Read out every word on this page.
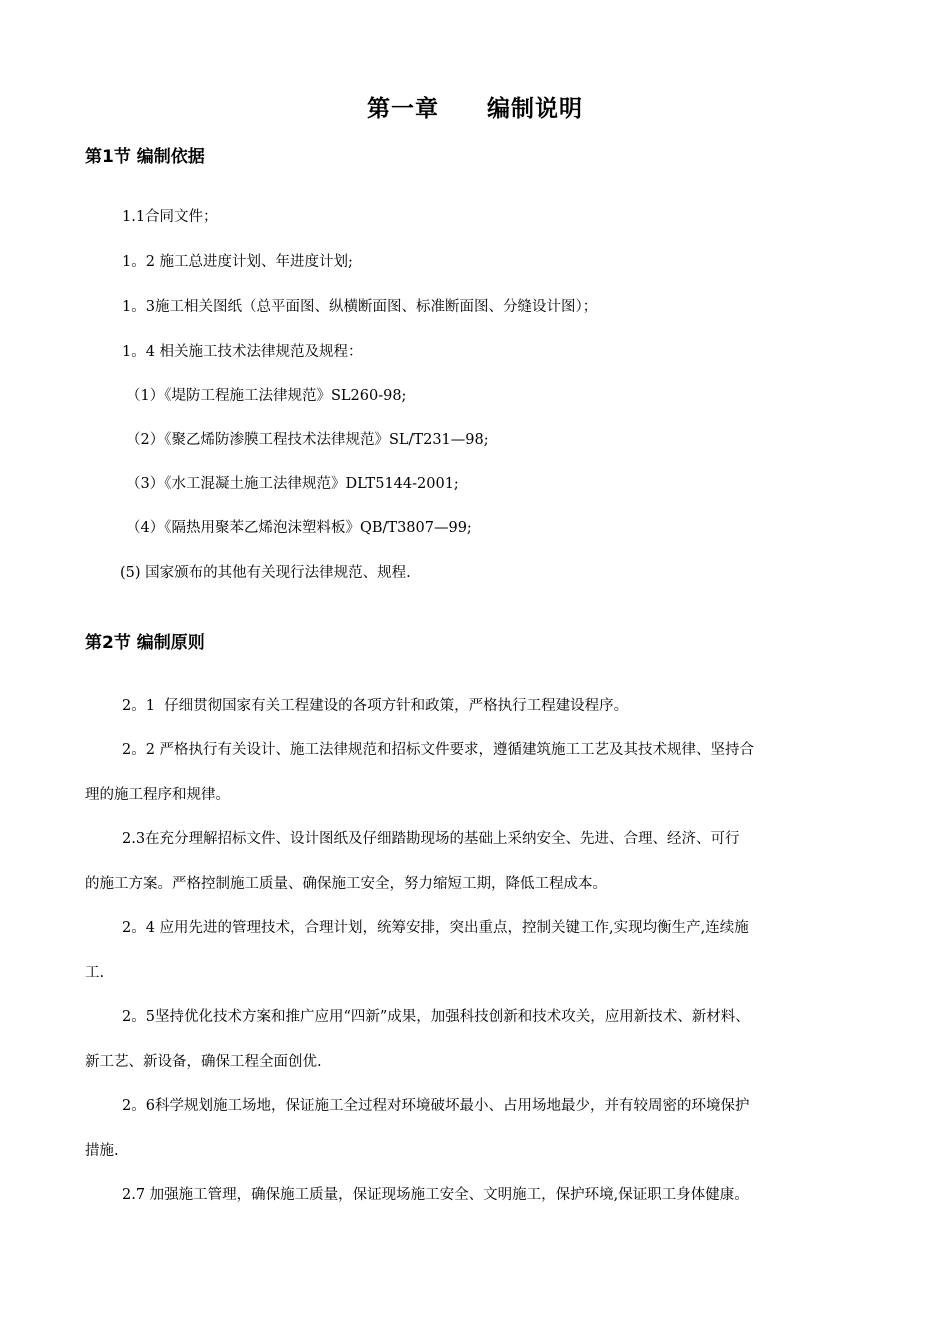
第一章　　编制说明
第1节 编制依据
1.1合同文件；
1。2 施工总进度计划、年进度计划;
1。3施工相关图纸（总平面图、纵横断面图、标准断面图、分缝设计图）；
1。4 相关施工技术法律规范及规程：
（1）《堤防工程施工法律规范》SL260-98;
（2）《聚乙烯防渗膜工程技术法律规范》SL/T231—98;
（3）《水工混凝土施工法律规范》DLT5144-2001;
（4）《隔热用聚苯乙烯泡沫塑料板》QB/T3807—99;
(5) 国家颁布的其他有关现行法律规范、规程.
第2节 编制原则
2。1  仔细贯彻国家有关工程建设的各项方针和政策，严格执行工程建设程序。
2。2 严格执行有关设计、施工法律规范和招标文件要求，遵循建筑施工工艺及其技术规律、坚持合
理的施工程序和规律。
2.3在充分理解招标文件、设计图纸及仔细踏勘现场的基础上采纳安全、先进、合理、经济、可行
的施工方案。严格控制施工质量、确保施工安全，努力缩短工期，降低工程成本。
2。4 应用先进的管理技术，合理计划，统筹安排，突出重点，控制关键工作,实现均衡生产,连续施
工.
2。5坚持优化技术方案和推广应用“四新”成果，加强科技创新和技术攻关，应用新技术、新材料、
新工艺、新设备，确保工程全面创优.
2。6科学规划施工场地，保证施工全过程对环境破坏最小、占用场地最少，并有较周密的环境保护
措施.
2.7 加强施工管理，确保施工质量，保证现场施工安全、文明施工，保护环境,保证职工身体健康。
